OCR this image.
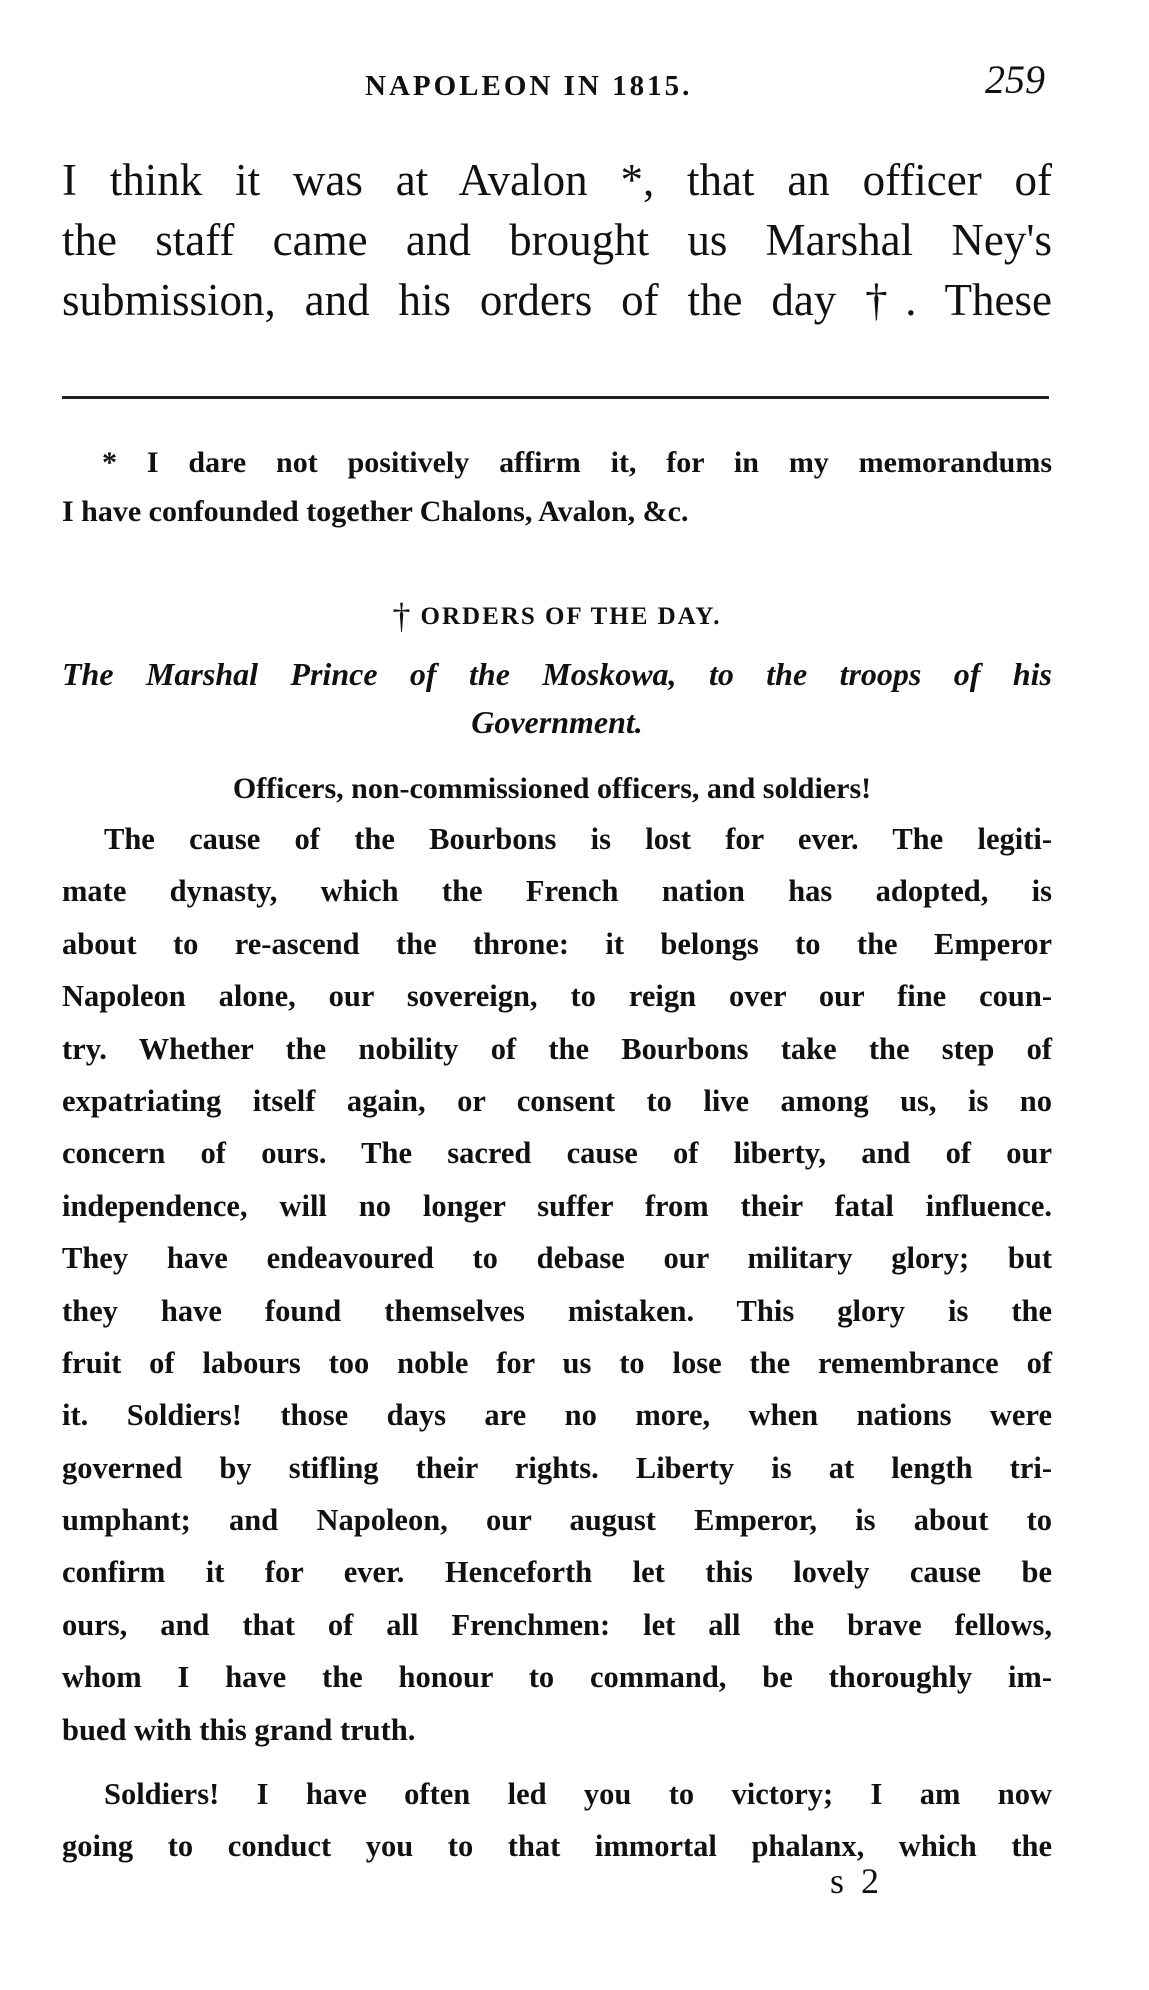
NAPOLEON IN 1815.	259
I think it was at Avalon *, that an officer of
the staff came and brought us Marshal Ney's
submission, and his orders of the day †. These
* I dare not positively affirm it, for in my memorandums
I have confounded together Chalons, Avalon, &c.
† ORDERS OF THE DAY.
The Marshal Prince of the Moskowa, to the troops of his
Government.
Officers, non-commissioned officers, and soldiers!
The cause of the Bourbons is lost for ever. The legiti-
mate dynasty, which the French nation has adopted, is
about to re-ascend the throne: it belongs to the Emperor
Napoleon alone, our sovereign, to reign over our fine coun-
try. Whether the nobility of the Bourbons take the step of
expatriating itself again, or consent to live among us, is no
concern of ours. The sacred cause of liberty, and of our
independence, will no longer suffer from their fatal influence.
They have endeavoured to debase our military glory; but
they have found themselves mistaken. This glory is the
fruit of labours too noble for us to lose the remembrance of
it. Soldiers! those days are no more, when nations were
governed by stifling their rights. Liberty is at length tri-
umphant; and Napoleon, our august Emperor, is about to
confirm it for ever. Henceforth let this lovely cause be
ours, and that of all Frenchmen: let all the brave fellows,
whom I have the honour to command, be thoroughly im-
bued with this grand truth.
Soldiers! I have often led you to victory; I am now
going to conduct you to that immortal phalanx, which the
s 2
